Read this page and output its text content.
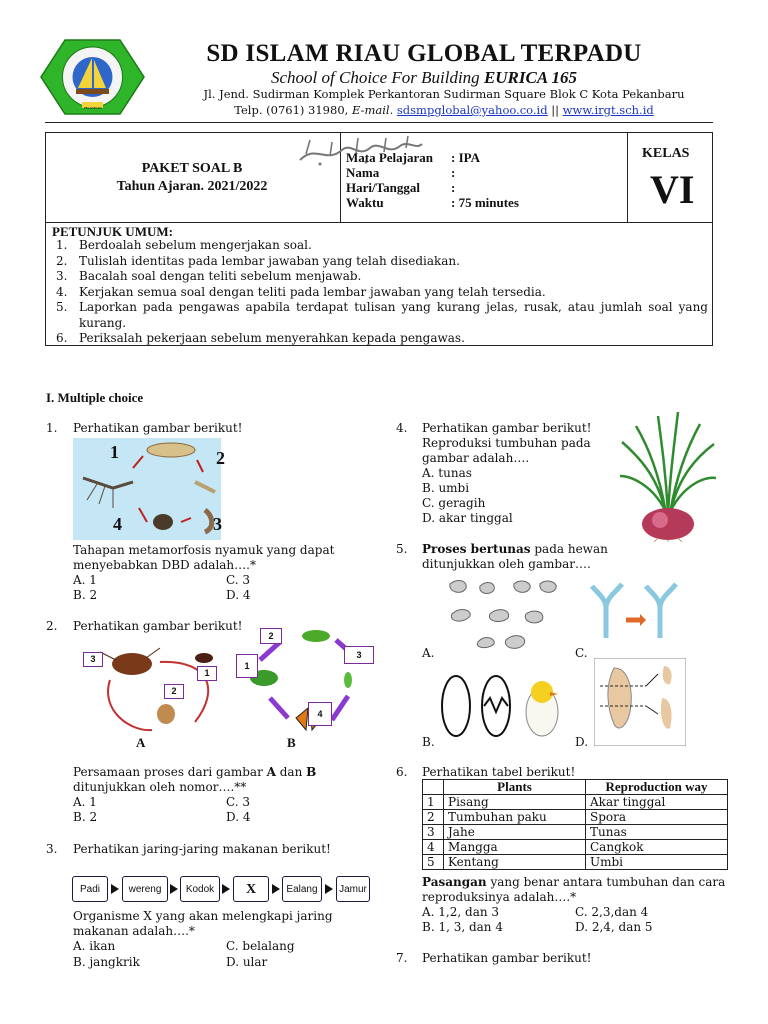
PEKANBARU
SD ISLAM RIAU GLOBAL TERPADU
School of Choice For Building EURICA 165
Jl. Jend. Sudirman Komplek Perkantoran Sudirman Square Blok C Kota Pekanbaru
Telp. (0761) 31980, E-mail. sdsmpglobal@yahoo.co.id || www.irgt.sch.id
PAKET SOAL B
Tahun Ajaran. 2021/2022
Mata Pelajaran	: IPA
Nama	:
Hari/Tanggal	:
Waktu	: 75 minutes
KELAS
VI
PETUNJUK UMUM:
1. Berdoalah sebelum mengerjakan soal.
2. Tulislah identitas pada lembar jawaban yang telah disediakan.
3. Bacalah soal dengan teliti sebelum menjawab.
4. Kerjakan semua soal dengan teliti pada lembar jawaban yang telah tersedia.
5. Laporkan pada pengawas apabila terdapat tulisan yang kurang jelas, rusak, atau jumlah soal yang kurang.
6. Periksalah pekerjaan sebelum menyerahkan kepada pengawas.
I. Multiple choice
1. Perhatikan gambar berikut!
1	2
3
4
Tahapan metamorfosis nyamuk yang dapat
menyebabkan DBD adalah….*
A. 1	C. 3
B. 2	D. 4
2. Perhatikan gambar berikut!
3
1
2
2
3
1
4
A	B
Persamaan proses dari gambar A dan B
ditunjukkan oleh nomor….**
A. 1	C. 3
B. 2	D. 4
3. Perhatikan jaring-jaring makanan berikut!
Padi	wereng	Kodok	X	Ealang	Jamur
Organisme X yang akan melengkapi jaring
makanan adalah….*
A. ikan	C. belalang
B. jangkrik	D. ular
4. Perhatikan gambar berikut!
Reproduksi tumbuhan pada
gambar adalah….
A. tunas
B. umbi
C. geragih
D. akar tinggal
5. Proses bertunas pada hewan
ditunjukkan oleh gambar….
A.	C.
B.	D.
6. Perhatikan tabel berikut!
	Plants	Reproduction way
1	Pisang	Akar tinggal
2	Tumbuhan paku	Spora
3	Jahe	Tunas
4	Mangga	Cangkok
5	Kentang	Umbi
Pasangan yang benar antara tumbuhan dan cara
reproduksinya adalah….*
A. 1,2, dan 3	C. 2,3,dan 4
B. 1, 3, dan 4	D. 2,4, dan 5
7. Perhatikan gambar berikut!
